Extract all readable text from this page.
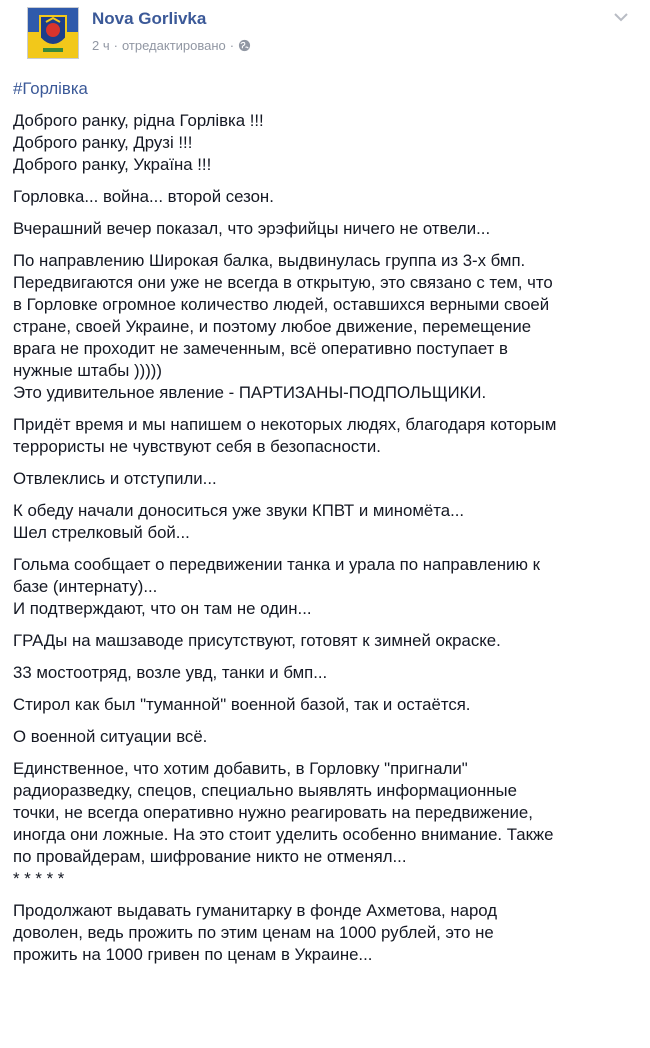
Nova Gorlivka
2 ч · отредактировано ·
#Горлівка
Доброго ранку, рідна Горлівка !!!
Доброго ранку, Друзі !!!
Доброго ранку, Україна !!!
Горловка... война... второй сезон.
Вчерашний вечер показал, что эрэфийцы ничего не отвели...
По направлению Широкая балка, выдвинулась группа из 3-х бмп.
Передвигаются они уже не всегда в открытую, это связано с тем, что
в Горловке огромное количество людей, оставшихся верными своей
стране, своей Украине, и поэтому любое движение, перемещение
врага не проходит не замеченным, всё оперативно поступает в
нужные штабы )))))
Это удивительное явление - ПАРТИЗАНЫ-ПОДПОЛЬЩИКИ.
Придёт время и мы напишем о некоторых людях, благодаря которым
террористы не чувствуют себя в безопасности.
Отвлеклись и отступили...
К обеду начали доноситься уже звуки КПВТ и миномёта...
Шел стрелковый бой...
Гольма сообщает о передвижении танка и урала по направлению к
базе (интернату)...
И подтверждают, что он там не один...
ГРАДы на машзаводе присутствуют, готовят к зимней окраске.
33 мостоотряд, возле увд, танки и бмп...
Стирол как был "туманной" военной базой, так и остаётся.
О военной ситуации всё.
Единственное, что хотим добавить, в Горловку "пригнали"
радиоразведку, спецов, специально выявлять информационные
точки, не всегда оперативно нужно реагировать на передвижение,
иногда они ложные. На это стоит уделить особенно внимание. Также
по провайдерам, шифрование никто не отменял...
* * * * *
Продолжают выдавать гуманитарку в фонде Ахметова, народ
доволен, ведь прожить по этим ценам на 1000 рублей, это не
прожить на 1000 гривен по ценам в Украине...
